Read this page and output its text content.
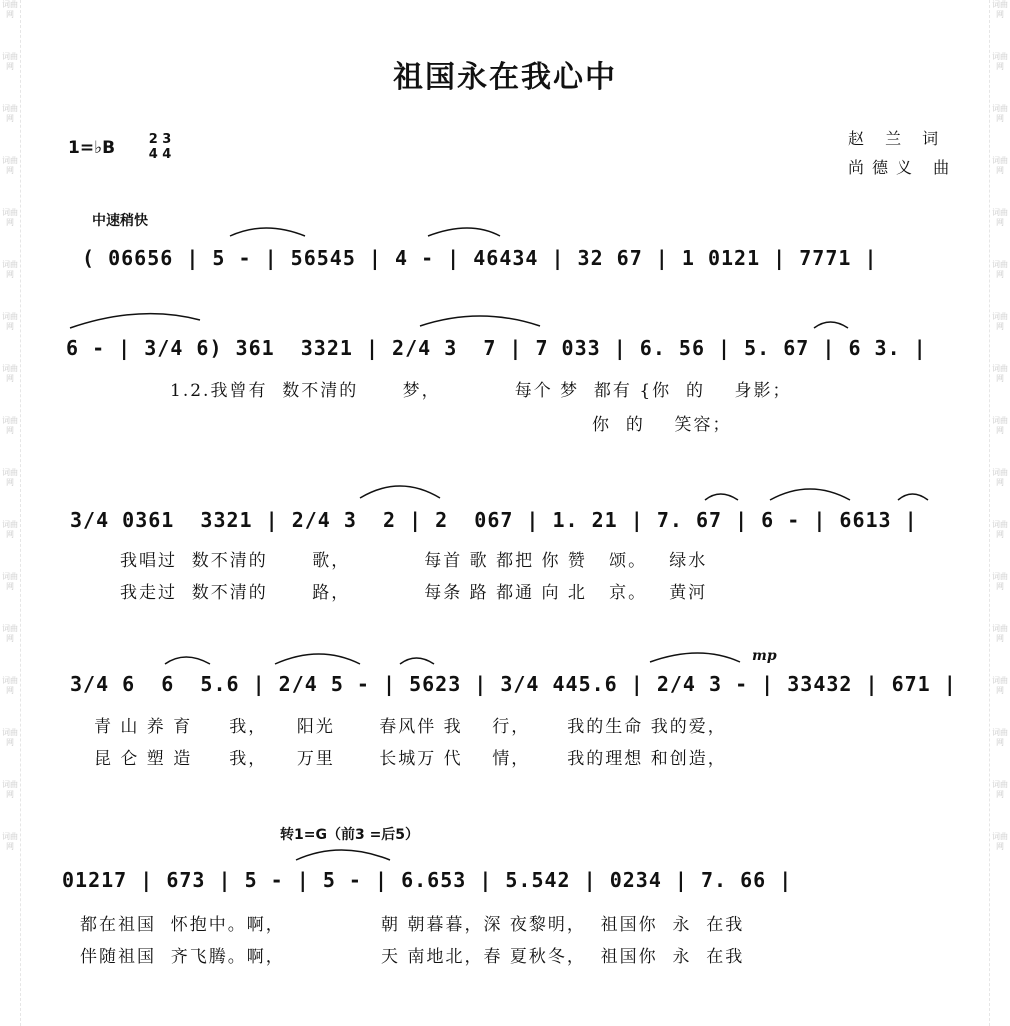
词曲网
词曲网
词曲网
词曲网
词曲网
词曲网
词曲网
词曲网
词曲网
词曲网
词曲网
词曲网
词曲网
词曲网
词曲网
词曲网
词曲网
词曲网
词曲网
词曲网
词曲网
词曲网
词曲网
词曲网
词曲网
词曲网
词曲网
词曲网
词曲网
词曲网
词曲网
词曲网
词曲网
词曲网
祖国永在我心中
1=♭B	2 3
4 4
赵 兰 词
尚德义 曲
中速稍快
( 06656 | 5 - | 56545 | 4 - | 46434 | 32 67 | 1 0121 | 7771 |
6 - | 3/4 6) 361  3321 | 2/4 3  7 | 7 033 | 6. 56 | 5. 67 | 6 3. |
1.2.我曾有  数不清的      梦，          每个 梦  都有 {你  的    身影；
你  的    笑容；
3/4 0361  3321 | 2/4 3  2 | 2  067 | 1. 21 | 7. 67 | 6 - | 6613 |
我唱过  数不清的      歌，          每首 歌 都把 你 赞   颂。   绿水
我走过  数不清的      路，          每条 路 都通 向 北   京。   黄河
mp
3/4 6  6  5.6 | 2/4 5 - | 5623 | 3/4 445.6 | 2/4 3 - | 33432 | 671 |
青 山 养 育     我，    阳光      春风伴 我    行，     我的生命 我的爱，
昆 仑 塑 造     我，    万里      长城万 代    情，     我的理想 和创造，
转1=G（前3 =后5）
01217 | 673 | 5 - | 5 - | 6.653 | 5.542 | 0234 | 7. 66 |
都在祖国  怀抱中。啊，             朝 朝暮暮，深 夜黎明，  祖国你  永  在我
伴随祖国  齐飞腾。啊，             天 南地北，春 夏秋冬，  祖国你  永  在我
